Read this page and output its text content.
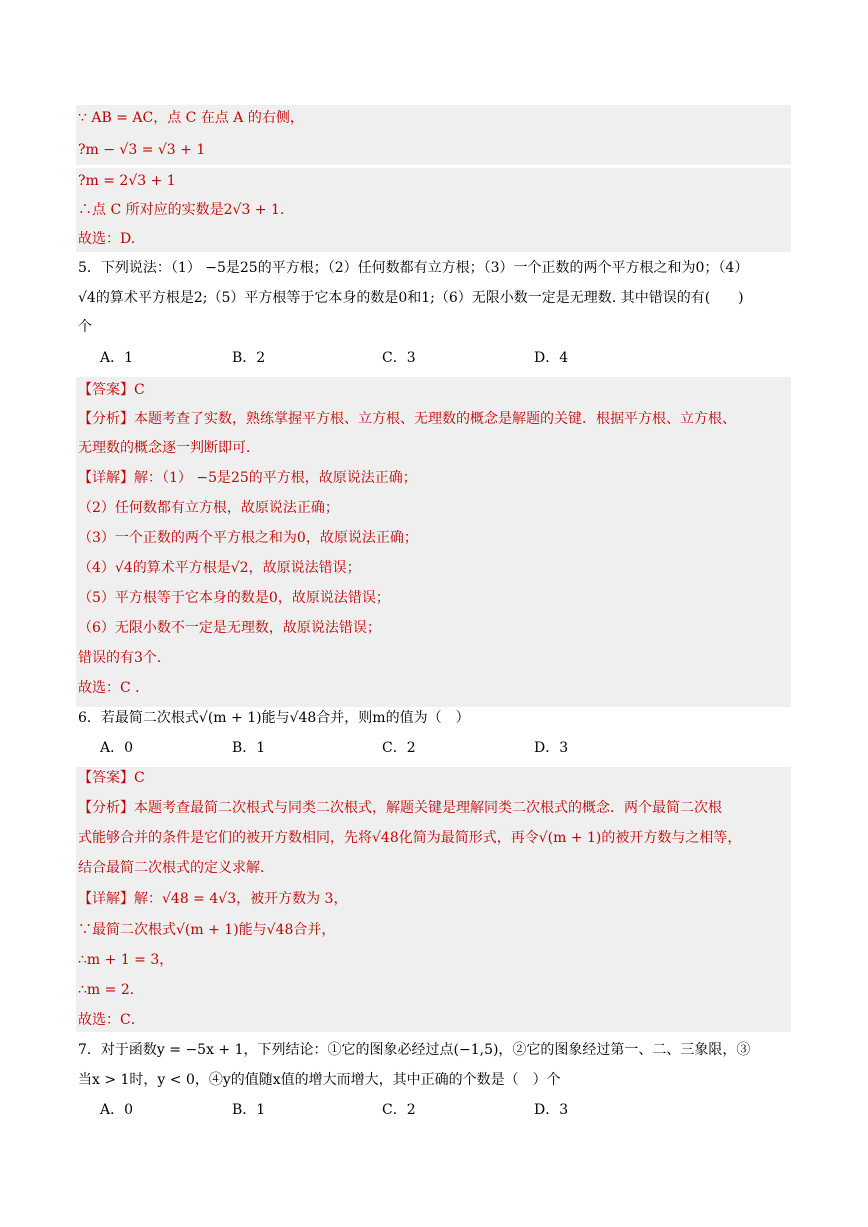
∵ AB = AC，点 C 在点 A 的右侧，
?m − √3 = √3 + 1
?m = 2√3 + 1
∴点 C 所对应的实数是2√3 + 1.
故选：D.
5．下列说法：（1） −5是25的平方根；（2）任何数都有立方根；（3）一个正数的两个平方根之和为0；（4）
√4的算术平方根是2;（5）平方根等于它本身的数是0和1;（6）无限小数一定是无理数. 其中错误的有(　　)
个
A．1	B．2	C．3	D．4
【答案】C
【分析】本题考查了实数，熟练掌握平方根、立方根、无理数的概念是解题的关键．根据平方根、立方根、
无理数的概念逐一判断即可．
【详解】解：（1） −5是25的平方根，故原说法正确；
（2）任何数都有立方根，故原说法正确；
（3）一个正数的两个平方根之和为0，故原说法正确；
（4）√4的算术平方根是√2，故原说法错误；
（5）平方根等于它本身的数是0，故原说法错误；
（6）无限小数不一定是无理数，故原说法错误；
错误的有3个．
故选：C ．
6．若最简二次根式√(m + 1)能与√48合并，则m的值为（　）
A．0	B．1	C．2	D．3
【答案】C
【分析】本题考查最简二次根式与同类二次根式，解题关键是理解同类二次根式的概念．两个最简二次根
式能够合并的条件是它们的被开方数相同，先将√48化简为最简形式，再令√(m + 1)的被开方数与之相等，
结合最简二次根式的定义求解．
【详解】解：√48 = 4√3，被开方数为 3，
∵最简二次根式√(m + 1)能与√48合并，
∴m + 1 = 3，
∴m = 2．
故选：C．
7．对于函数y = −5x + 1，下列结论：①它的图象必经过点(−1,5)，②它的图象经过第一、二、三象限，③
当x > 1时，y < 0，④y的值随x值的增大而增大，其中正确的个数是（　）个
A．0	B．1	C．2	D．3
